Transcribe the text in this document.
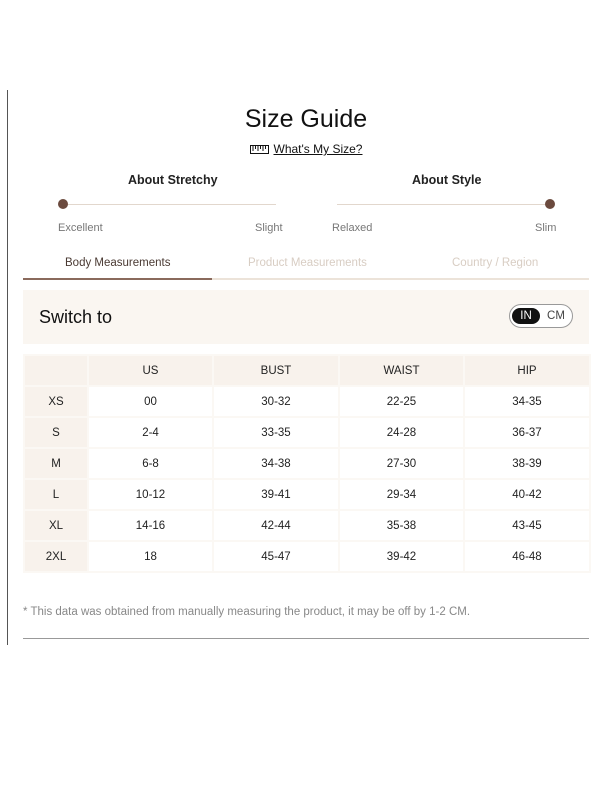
Size Guide
What's My Size?
About Stretchy
Excellent	Slight
About Style
Relaxed	Slim
Body Measurements	Product Measurements	Country / Region
Switch to	IN	CM
	US	BUST	WAIST	HIP
XS	00	30-32	22-25	34-35
S	2-4	33-35	24-28	36-37
M	6-8	34-38	27-30	38-39
L	10-12	39-41	29-34	40-42
XL	14-16	42-44	35-38	43-45
2XL	18	45-47	39-42	46-48
* This data was obtained from manually measuring the product, it may be off by 1-2 CM.
